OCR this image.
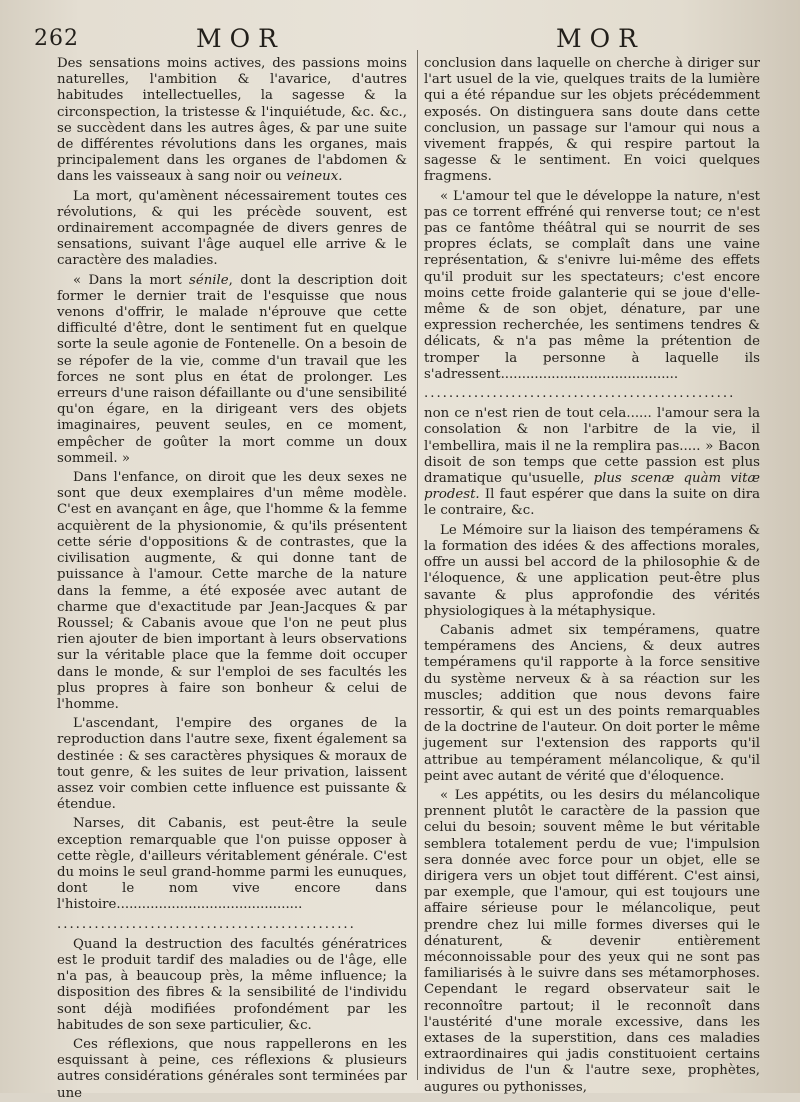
262	MOR	MOR

Des sensations moins actives, des passions moins naturelles, l'ambition & l'avarice, d'autres habitudes intellectuelles, la sagesse & la circonspection, la tristesse & l'inquiétude, &c. &c., se succèdent dans les autres âges, & par une suite de différentes révolutions dans les organes, mais principalement dans les organes de l'abdomen & dans les vaisseaux à sang noir ou veineux.

La mort, qu'amènent nécessairement toutes ces révolutions, & qui les précède souvent, est ordinairement accompagnée de divers genres de sensations, suivant l'âge auquel elle arrive & le caractère des maladies.

« Dans la mort sénile, dont la description doit former le dernier trait de l'esquisse que nous venons d'offrir, le malade n'éprouve que cette difficulté d'être, dont le sentiment fut en quelque sorte la seule agonie de Fontenelle. On a besoin de se répofer de la vie, comme d'un travail que les forces ne sont plus en état de prolonger. Les erreurs d'une raison défaillante ou d'une sensibilité qu'on égare, en la dirigeant vers des objets imaginaires, peuvent seules, en ce moment, empêcher de goûter la mort comme un doux sommeil. »

Dans l'enfance, on diroit que les deux sexes ne sont que deux exemplaires d'un même modèle. C'est en avançant en âge, que l'homme & la femme acquièrent de la physionomie, & qu'ils présentent cette série d'oppositions & de contrastes, que la civilisation augmente, & qui donne tant de puissance à l'amour. Cette marche de la nature dans la femme, a été exposée avec autant de charme que d'exactitude par Jean-Jacques & par Roussel; & Cabanis avoue que l'on ne peut plus rien ajouter de bien important à leurs observations sur la véritable place que la femme doit occuper dans le monde, & sur l'emploi de ses facultés les plus propres à faire son bonheur & celui de l'homme.

L'ascendant, l'empire des organes de la reproduction dans l'autre sexe, fixent également sa destinée : & ses caractères physiques & moraux de tout genre, & les suites de leur privation, laissent assez voir combien cette influence est puissante & étendue.

Narses, dit Cabanis, est peut-être la seule exception remarquable que l'on puisse opposer à cette règle, d'ailleurs véritablement générale. C'est du moins le seul grand-homme parmi les eunuques, dont le nom vive encore dans l'histoire............................................

................................................

Quand la destruction des facultés génératrices est le produit tardif des maladies ou de l'âge, elle n'a pas, à beaucoup près, la même influence; la disposition des fibres & la sensibilité de l'individu sont déjà modifiées profondément par les habitudes de son sexe particulier, &c.

Ces réflexions, que nous rappellerons en les esquissant à peine, ces réflexions & plusieurs autres considérations générales sont terminées par une

conclusion dans laquelle on cherche à diriger sur l'art usuel de la vie, quelques traits de la lumière qui a été répandue sur les objets précédemment exposés. On distinguera sans doute dans cette conclusion, un passage sur l'amour qui nous a vivement frappés, & qui respire partout la sagesse & le sentiment. En voici quelques fragmens.

« L'amour tel que le développe la nature, n'est pas ce torrent effréné qui renverse tout; ce n'est pas ce fantôme théâtral qui se nourrit de ses propres éclats, se complaît dans une vaine représentation, & s'enivre lui-même des effets qu'il produit sur les spectateurs; c'est encore moins cette froide galanterie qui se joue d'elle-même & de son objet, dénature, par une expression recherchée, les sentimens tendres & délicats, & n'a pas même la prétention de tromper la personne à laquelle ils s'adressent..........................................

..................................................

non ce n'est rien de tout cela...... l'amour sera la consolation & non l'arbitre de la vie, il l'embellira, mais il ne la remplira pas..... » Bacon disoit de son temps que cette passion est plus dramatique qu'usuelle, plus scenæ quàm vitæ prodest. Il faut espérer que dans la suite on dira le contraire, &c.

Le Mémoire sur la liaison des tempéramens & la formation des idées & des affections morales, offre un aussi bel accord de la philosophie & de l'éloquence, & une application peut-être plus savante & plus approfondie des vérités physiologiques à la métaphysique.

Cabanis admet six tempéramens, quatre tempéramens des Anciens, & deux autres tempéramens qu'il rapporte à la force sensitive du système nerveux & à sa réaction sur les muscles; addition que nous devons faire ressortir, & qui est un des points remarquables de la doctrine de l'auteur. On doit porter le même jugement sur l'extension des rapports qu'il attribue au tempérament mélancolique, & qu'il peint avec autant de vérité que d'éloquence.

« Les appétits, ou les desirs du mélancolique prennent plutôt le caractère de la passion que celui du besoin; souvent même le but véritable semblera totalement perdu de vue; l'impulsion sera donnée avec force pour un objet, elle se dirigera vers un objet tout différent. C'est ainsi, par exemple, que l'amour, qui est toujours une affaire sérieuse pour le mélancolique, peut prendre chez lui mille formes diverses qui le dénaturent, & devenir entièrement méconnoissable pour des yeux qui ne sont pas familiarisés à le suivre dans ses métamorphoses. Cependant le regard observateur sait le reconnoître partout; il le reconnoît dans l'austérité d'une morale excessive, dans les extases de la superstition, dans ces maladies extraordinaires qui jadis constituoient certains individus de l'un & l'autre sexe, prophètes, augures ou pythonisses,
